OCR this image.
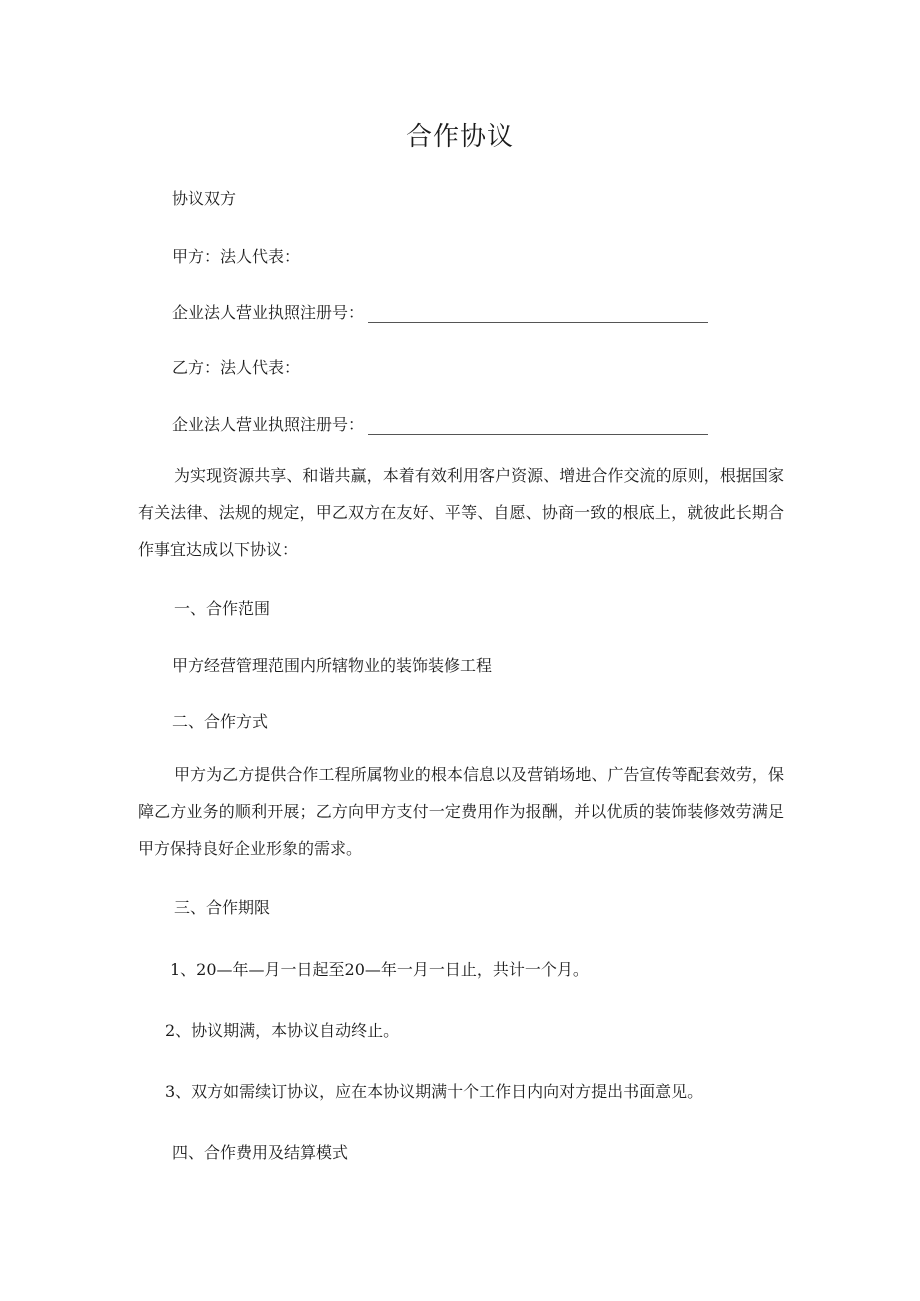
合作协议
协议双方
甲方：法人代表：
企业法人营业执照注册号：
乙方：法人代表：
企业法人营业执照注册号：
为实现资源共享、和谐共赢，本着有效利用客户资源、增进合作交流的原则，根据国家有关法律、法规的规定，甲乙双方在友好、平等、自愿、协商一致的根底上，就彼此长期合作事宜达成以下协议：
一、合作范围
甲方经营管理范围内所辖物业的装饰装修工程
二、合作方式
甲方为乙方提供合作工程所属物业的根本信息以及营销场地、广告宣传等配套效劳，保障乙方业务的顺利开展；乙方向甲方支付一定费用作为报酬，并以优质的装饰装修效劳满足甲方保持良好企业形象的需求。
三、合作期限
1、20—年—月一日起至20—年一月一日止，共计一个月。
2、协议期满，本协议自动终止。
3、双方如需续订协议，应在本协议期满十个工作日内向对方提出书面意见。
四、合作费用及结算模式
